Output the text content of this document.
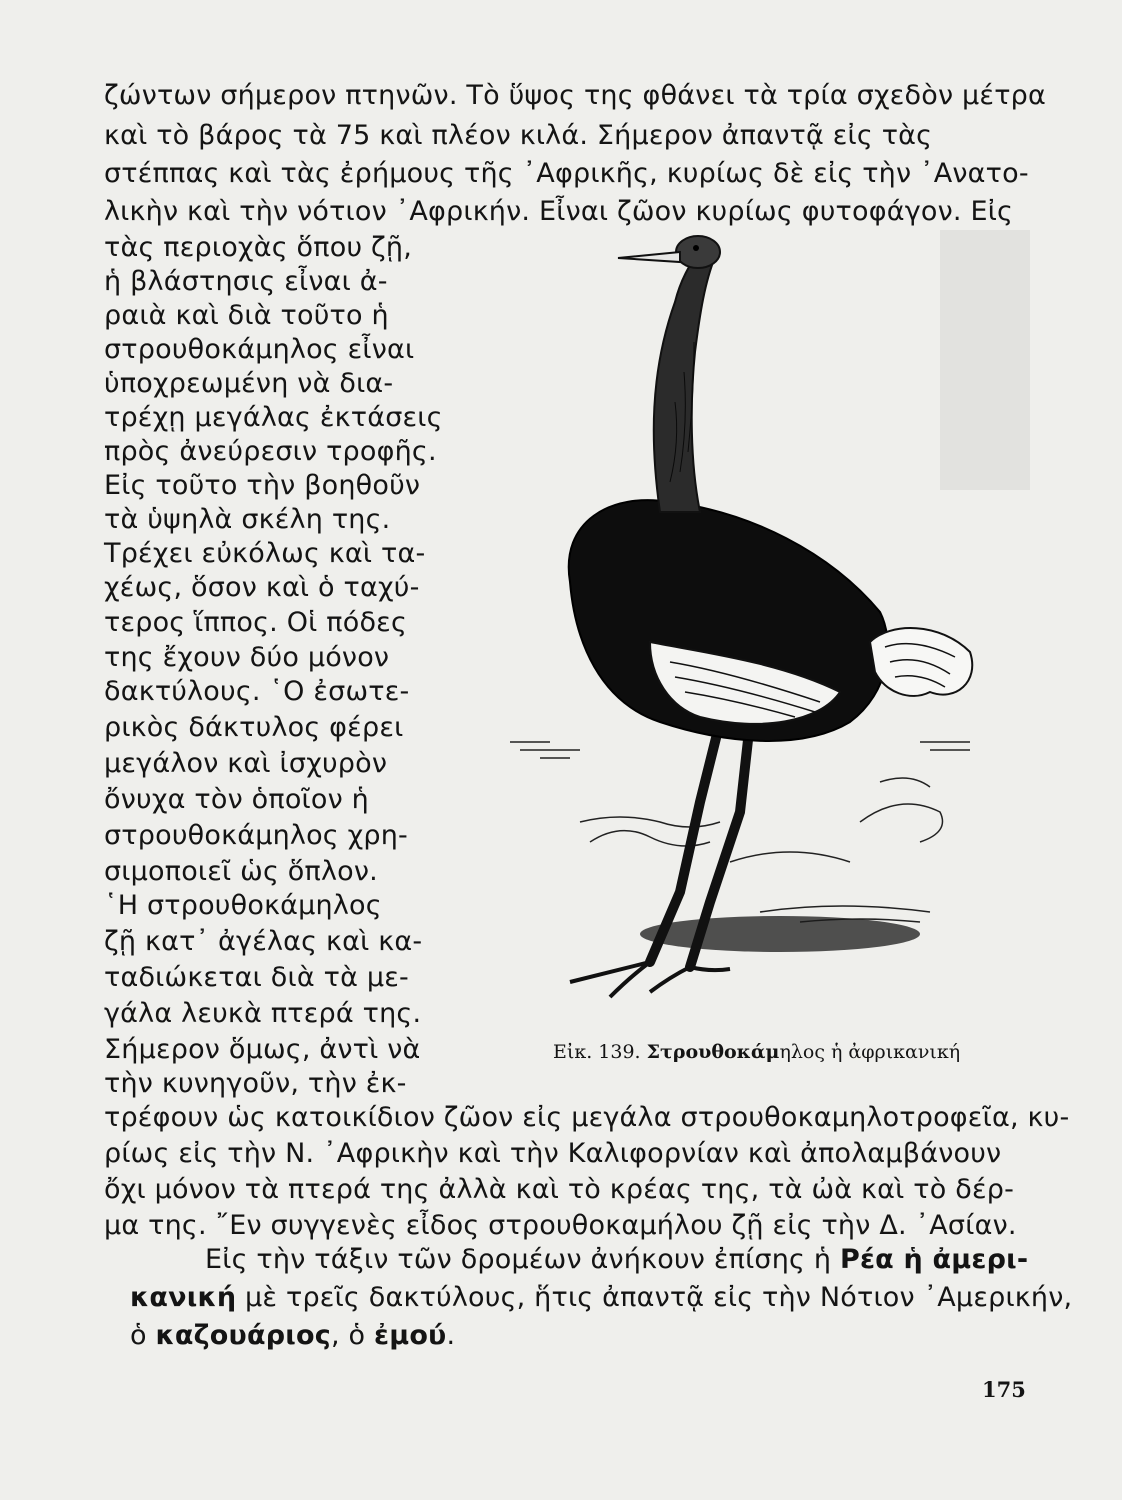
ζώντων σήμερον πτηνῶν. Τὸ ὕψος της φθάνει τὰ τρία σχεδὸν μέτρα
καὶ τὸ βάρος τὰ 75 καὶ πλέον κιλά. Σήμερον ἀπαντᾷ εἰς τὰς
στέππας καὶ τὰς ἐρήμους τῆς ᾿Αφρικῆς, κυρίως δὲ εἰς τὴν ᾿Ανατο-
λικὴν καὶ τὴν νότιον ᾿Αφρικήν. Εἶναι ζῶον κυρίως φυτοφάγον. Εἰς
τὰς περιοχὰς ὅπου ζῇ,
ἡ βλάστησις εἶναι ἀ-
ραιὰ καὶ διὰ τοῦτο ἡ
στρουθοκάμηλος εἶναι
ὑποχρεωμένη νὰ δια-
τρέχῃ μεγάλας ἐκτάσεις
πρὸς ἀνεύρεσιν τροφῆς.
Εἰς τοῦτο τὴν βοηθοῦν
τὰ ὑψηλὰ σκέλη της.
Τρέχει εὐκόλως καὶ τα-
χέως, ὅσον καὶ ὁ ταχύ-
τερος ἵππος. Οἱ πόδες
της ἔχουν δύο μόνον
δακτύλους. ῾Ο ἐσωτε-
ρικὸς δάκτυλος φέρει
μεγάλον καὶ ἰσχυρὸν
ὄνυχα τὸν ὁποῖον ἡ
στρουθοκάμηλος χρη-
σιμοποιεῖ ὡς ὅπλον.
῾Η στρουθοκάμηλος
ζῇ κατ᾿ ἀγέλας καὶ κα-
ταδιώκεται διὰ τὰ με-
γάλα λευκὰ πτερά της.
Σήμερον ὅμως, ἀντὶ νὰ
τὴν κυνηγοῦν, τὴν ἐκ-
Εἰκ. 139. Στρουθοκάμηλος ἡ ἀφρικανική
τρέφουν ὡς κατοικίδιον ζῶον εἰς μεγάλα στρουθοκαμηλοτροφεῖα, κυ-
ρίως εἰς τὴν Ν. ᾿Αφρικὴν καὶ τὴν Καλιφορνίαν καὶ ἀπολαμβάνουν
ὄχι μόνον τὰ πτερά της ἀλλὰ καὶ τὸ κρέας της, τὰ ὠὰ καὶ τὸ δέρ-
μα της. ῎Εν συγγενὲς εἶδος στρουθοκαμήλου ζῇ εἰς τὴν Δ. ᾿Ασίαν.
Εἰς τὴν τάξιν τῶν δρομέων ἀνήκουν ἐπίσης ἡ Ρέα ἡ ἀμερι-
κανική μὲ τρεῖς δακτύλους, ἥτις ἀπαντᾷ εἰς τὴν Νότιον ᾿Αμερικήν,
ὁ καζουάριος, ὁ ἐμού.
175
